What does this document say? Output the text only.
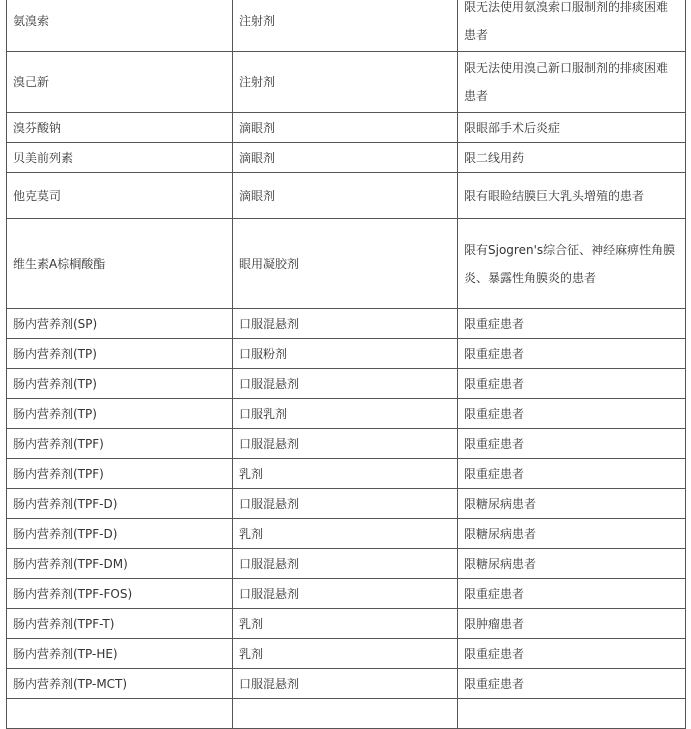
氨溴索	注射剂	限无法使用氨溴索口服制剂的排痰困难患者
溴己新	注射剂	限无法使用溴己新口服制剂的排痰困难患者
溴芬酸钠	滴眼剂	限眼部手术后炎症
贝美前列素	滴眼剂	限二线用药
他克莫司	滴眼剂	限有眼睑结膜巨大乳头增殖的患者
维生素A棕榈酸酯	眼用凝胶剂	限有Sjogren's综合征、神经麻痹性角膜炎、暴露性角膜炎的患者
肠内营养剂(SP)	口服混悬剂	限重症患者
肠内营养剂(TP)	口服粉剂	限重症患者
肠内营养剂(TP)	口服混悬剂	限重症患者
肠内营养剂(TP)	口服乳剂	限重症患者
肠内营养剂(TPF)	口服混悬剂	限重症患者
肠内营养剂(TPF)	乳剂	限重症患者
肠内营养剂(TPF-D)	口服混悬剂	限糖尿病患者
肠内营养剂(TPF-D)	乳剂	限糖尿病患者
肠内营养剂(TPF-DM)	口服混悬剂	限糖尿病患者
肠内营养剂(TPF-FOS)	口服混悬剂	限重症患者
肠内营养剂(TPF-T)	乳剂	限肿瘤患者
肠内营养剂(TP-HE)	乳剂	限重症患者
肠内营养剂(TP-MCT)	口服混悬剂	限重症患者
